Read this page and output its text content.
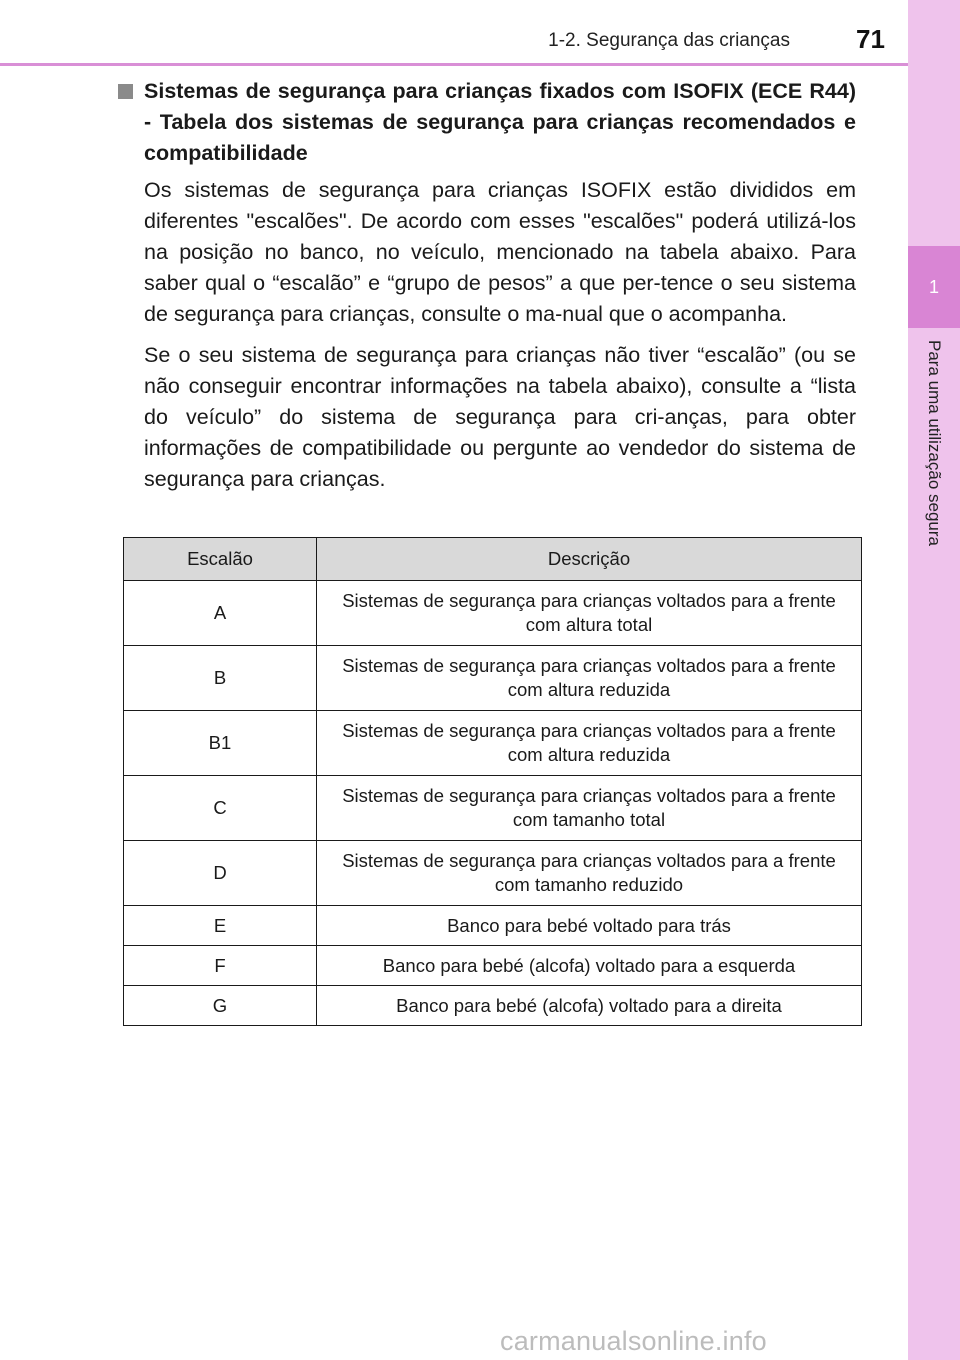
1
Para uma utilização segura
1-2. Segurança das crianças	71
Sistemas de segurança para crianças fixados com ISOFIX (ECE R44) - Tabela dos sistemas de segurança para crianças recomendados e compatibilidade
Os sistemas de segurança para crianças ISOFIX estão divididos em diferentes "escalões". De acordo com esses "escalões" poderá utilizá-los na posição no banco, no veículo, mencionado na tabela abaixo. Para saber qual o “escalão” e “grupo de pesos” a que per-tence o seu sistema de segurança para crianças, consulte o ma-nual que o acompanha.
Se o seu sistema de segurança para crianças não tiver “escalão” (ou se não conseguir encontrar informações na tabela abaixo), consulte a “lista do veículo” do sistema de segurança para cri-anças, para obter informações de compatibilidade ou pergunte ao vendedor do sistema de segurança para crianças.
Escalão	Descrição
A	Sistemas de segurança para crianças voltados para a frente com altura total
B	Sistemas de segurança para crianças voltados para a frente com altura reduzida
B1	Sistemas de segurança para crianças voltados para a frente com altura reduzida
C	Sistemas de segurança para crianças voltados para a frente com tamanho total
D	Sistemas de segurança para crianças voltados para a frente com tamanho reduzido
E	Banco para bebé voltado para trás
F	Banco para bebé (alcofa) voltado para a esquerda
G	Banco para bebé (alcofa) voltado para a direita
carmanualsonline.info
